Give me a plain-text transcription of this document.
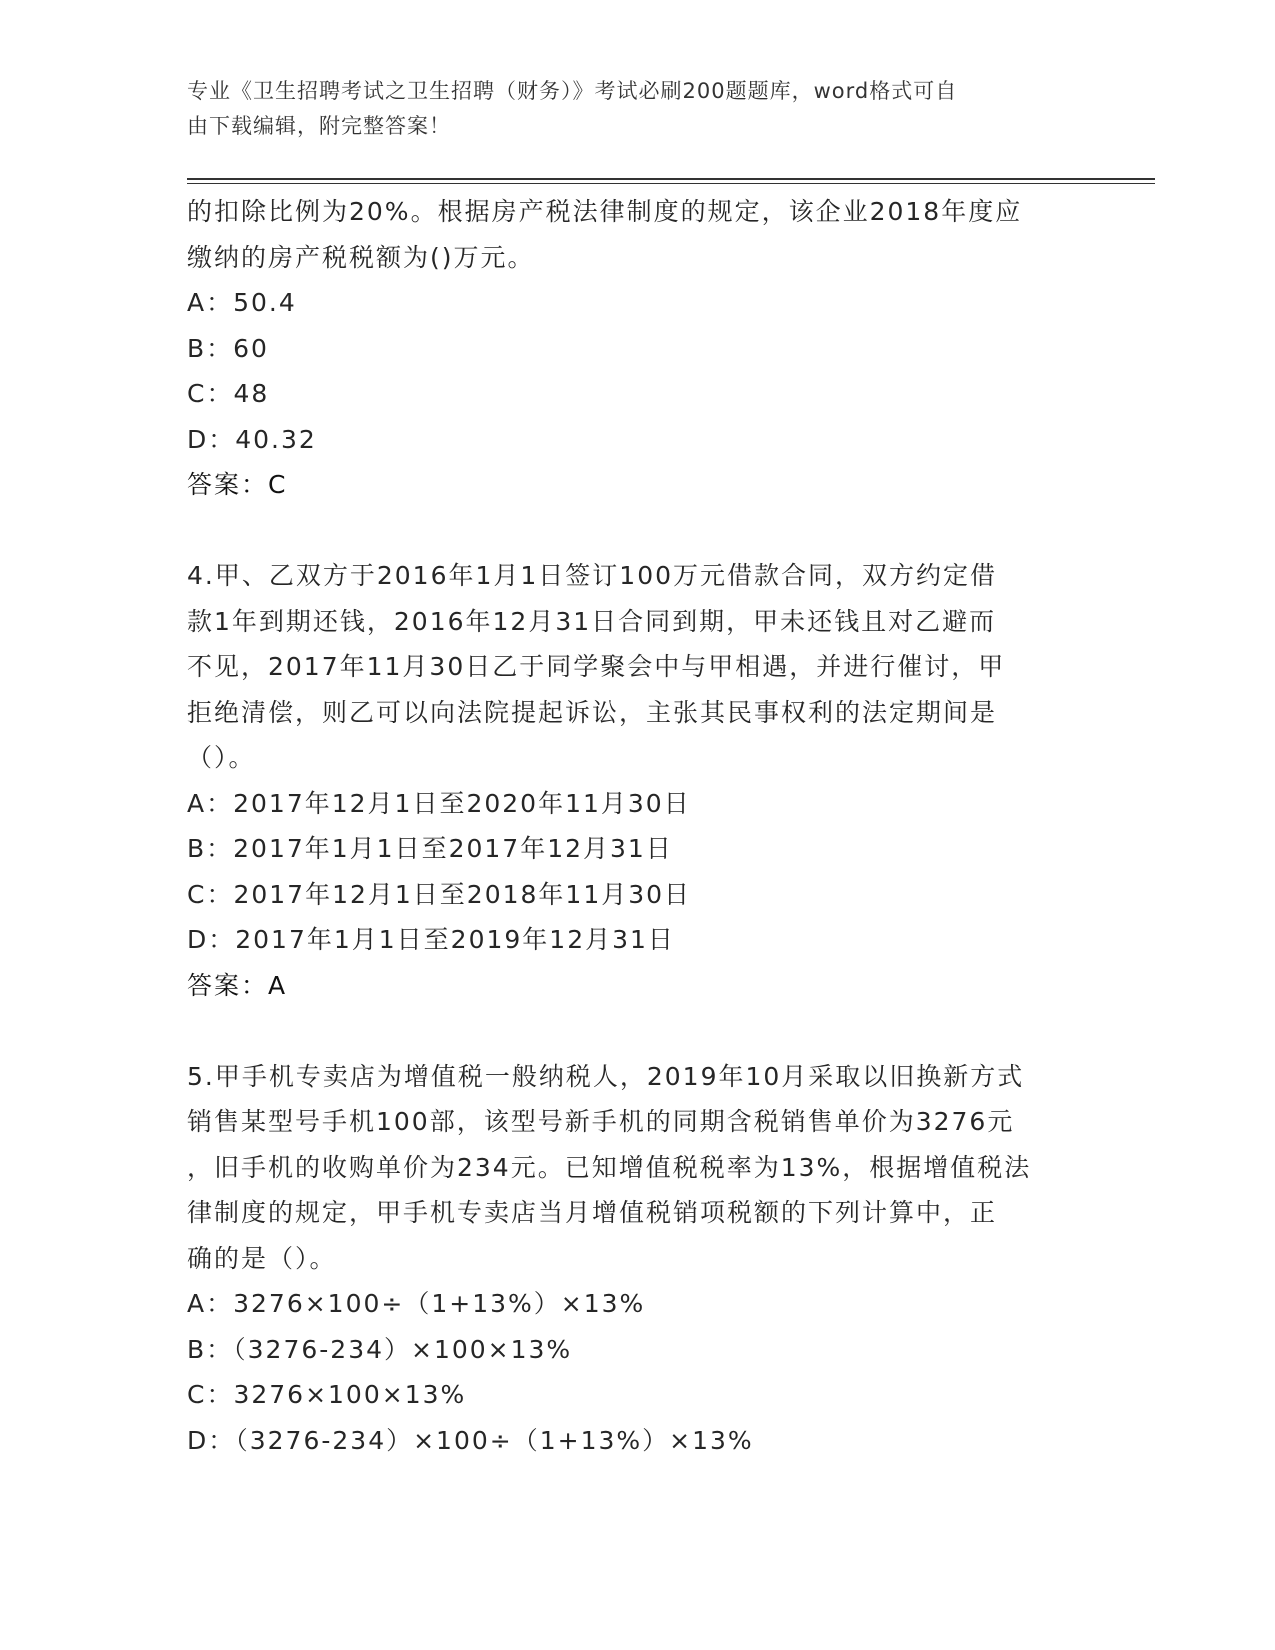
专业《卫生招聘考试之卫生招聘（财务）》考试必刷200题题库，word格式可自
由下载编辑，附完整答案！
的扣除比例为20%。根据房产税法律制度的规定，该企业2018年度应
缴纳的房产税税额为()万元。
A：50.4
B：60
C：48
D：40.32
答案：C
4.甲、乙双方于2016年1月1日签订100万元借款合同，双方约定借
款1年到期还钱，2016年12月31日合同到期，甲未还钱且对乙避而
不见，2017年11月30日乙于同学聚会中与甲相遇，并进行催讨，甲
拒绝清偿，则乙可以向法院提起诉讼，主张其民事权利的法定期间是
（）。
A：2017年12月1日至2020年11月30日
B：2017年1月1日至2017年12月31日
C：2017年12月1日至2018年11月30日
D：2017年1月1日至2019年12月31日
答案：A
5.甲手机专卖店为增值税一般纳税人，2019年10月采取以旧换新方式
销售某型号手机100部，该型号新手机的同期含税销售单价为3276元
，旧手机的收购单价为234元。已知增值税税率为13%，根据增值税法
律制度的规定，甲手机专卖店当月增值税销项税额的下列计算中，正
确的是（）。
A：3276×100÷（1+13%）×13%
B：（3276-234）×100×13%
C：3276×100×13%
D：（3276-234）×100÷（1+13%）×13%
